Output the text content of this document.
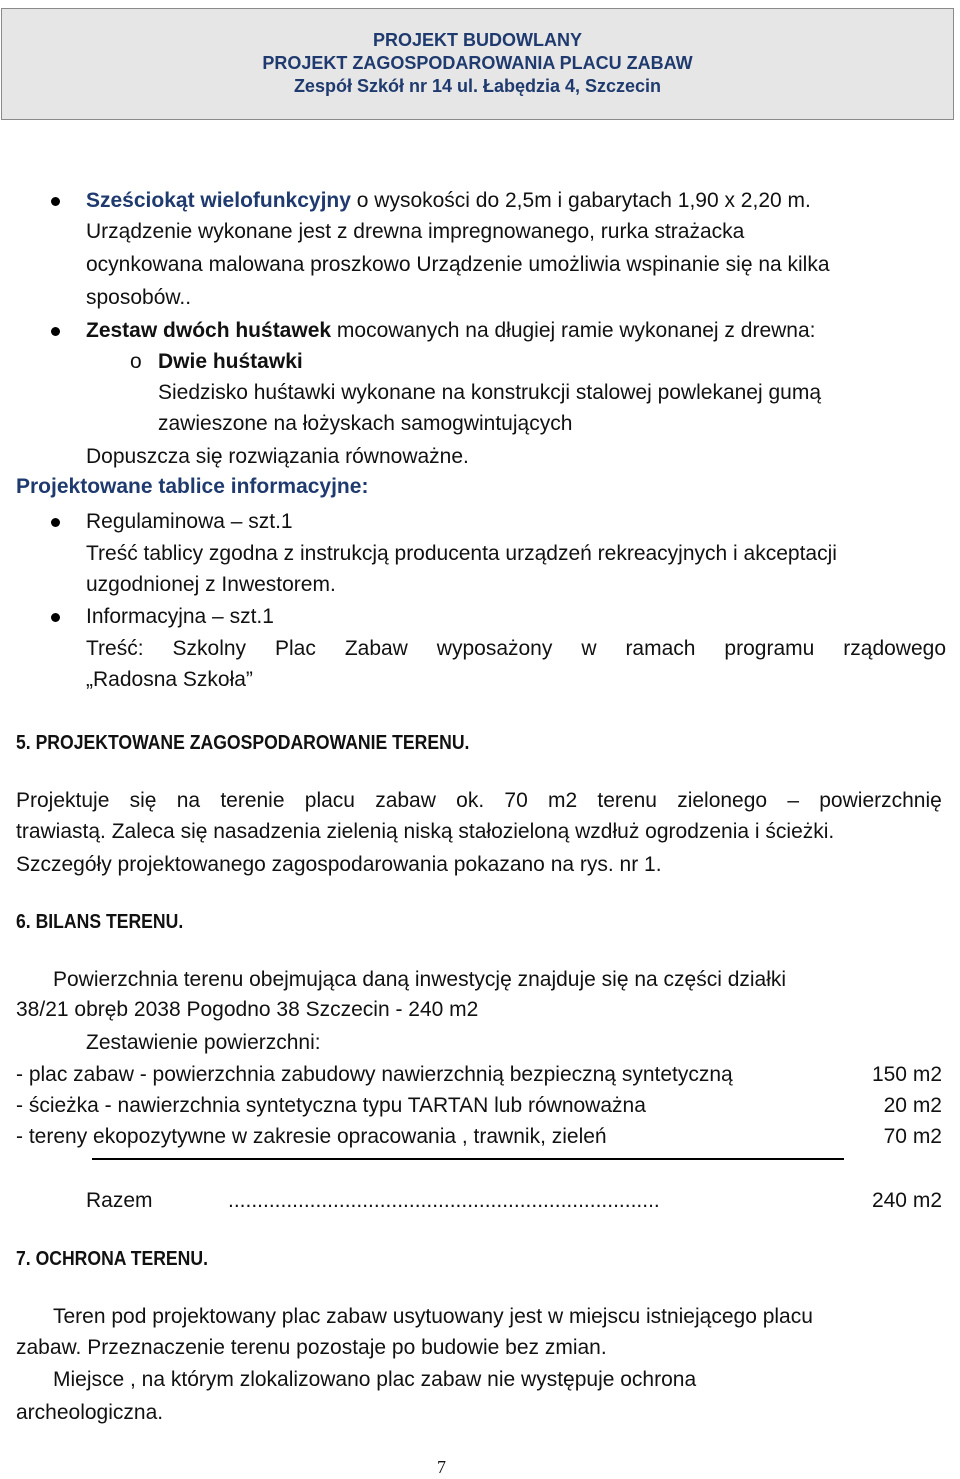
PROJEKT BUDOWLANY
PROJEKT ZAGOSPODAROWANIA PLACU ZABAW
Zespół Szkół nr 14 ul. Łabędzia 4, Szczecin
Sześciokąt wielofunkcyjny o wysokości do 2,5m i gabarytach 1,90 x 2,20 m.
Urządzenie wykonane jest z drewna impregnowanego, rurka strażacka
ocynkowana malowana proszkowo Urządzenie umożliwia wspinanie się na kilka
sposobów..
Zestaw dwóch huśtawek mocowanych na długiej ramie wykonanej z drewna:
o Dwie huśtawki
Siedzisko huśtawki wykonane na konstrukcji stalowej powlekanej gumą
zawieszone na łożyskach samogwintujących
Dopuszcza się rozwiązania równoważne.
Projektowane tablice informacyjne:
Regulaminowa – szt.1
Treść tablicy zgodna z instrukcją producenta urządzeń rekreacyjnych i akceptacji
uzgodnionej z Inwestorem.
Informacyjna – szt.1
Treść: Szkolny Plac Zabaw wyposażony w ramach programu rządowego
„Radosna Szkoła”
5. PROJEKTOWANE ZAGOSPODAROWANIE TERENU.
Projektuje się na terenie placu zabaw ok. 70 m2 terenu zielonego – powierzchnię
trawiastą. Zaleca się nasadzenia zielenią niską stałozieloną wzdłuż ogrodzenia i ścieżki.
Szczegóły projektowanego zagospodarowania pokazano na rys. nr 1.
6. BILANS TERENU.
Powierzchnia terenu obejmująca daną inwestycję znajduje się na części działki
38/21 obręb 2038 Pogodno 38 Szczecin - 240 m2
Zestawienie powierzchni:
- plac zabaw - powierzchnia zabudowy nawierzchnią bezpieczną syntetyczną	150 m2
- ścieżka - nawierzchnia syntetyczna typu TARTAN lub równoważna	20 m2
- tereny ekopozytywne w zakresie opracowania , trawnik, zieleń	70 m2
Razem	..........................................................................	240 m2
7. OCHRONA TERENU.
Teren pod projektowany plac zabaw usytuowany jest w miejscu istniejącego placu
zabaw. Przeznaczenie terenu pozostaje po budowie bez zmian.
Miejsce , na którym zlokalizowano plac zabaw nie występuje ochrona
archeologiczna.
7
